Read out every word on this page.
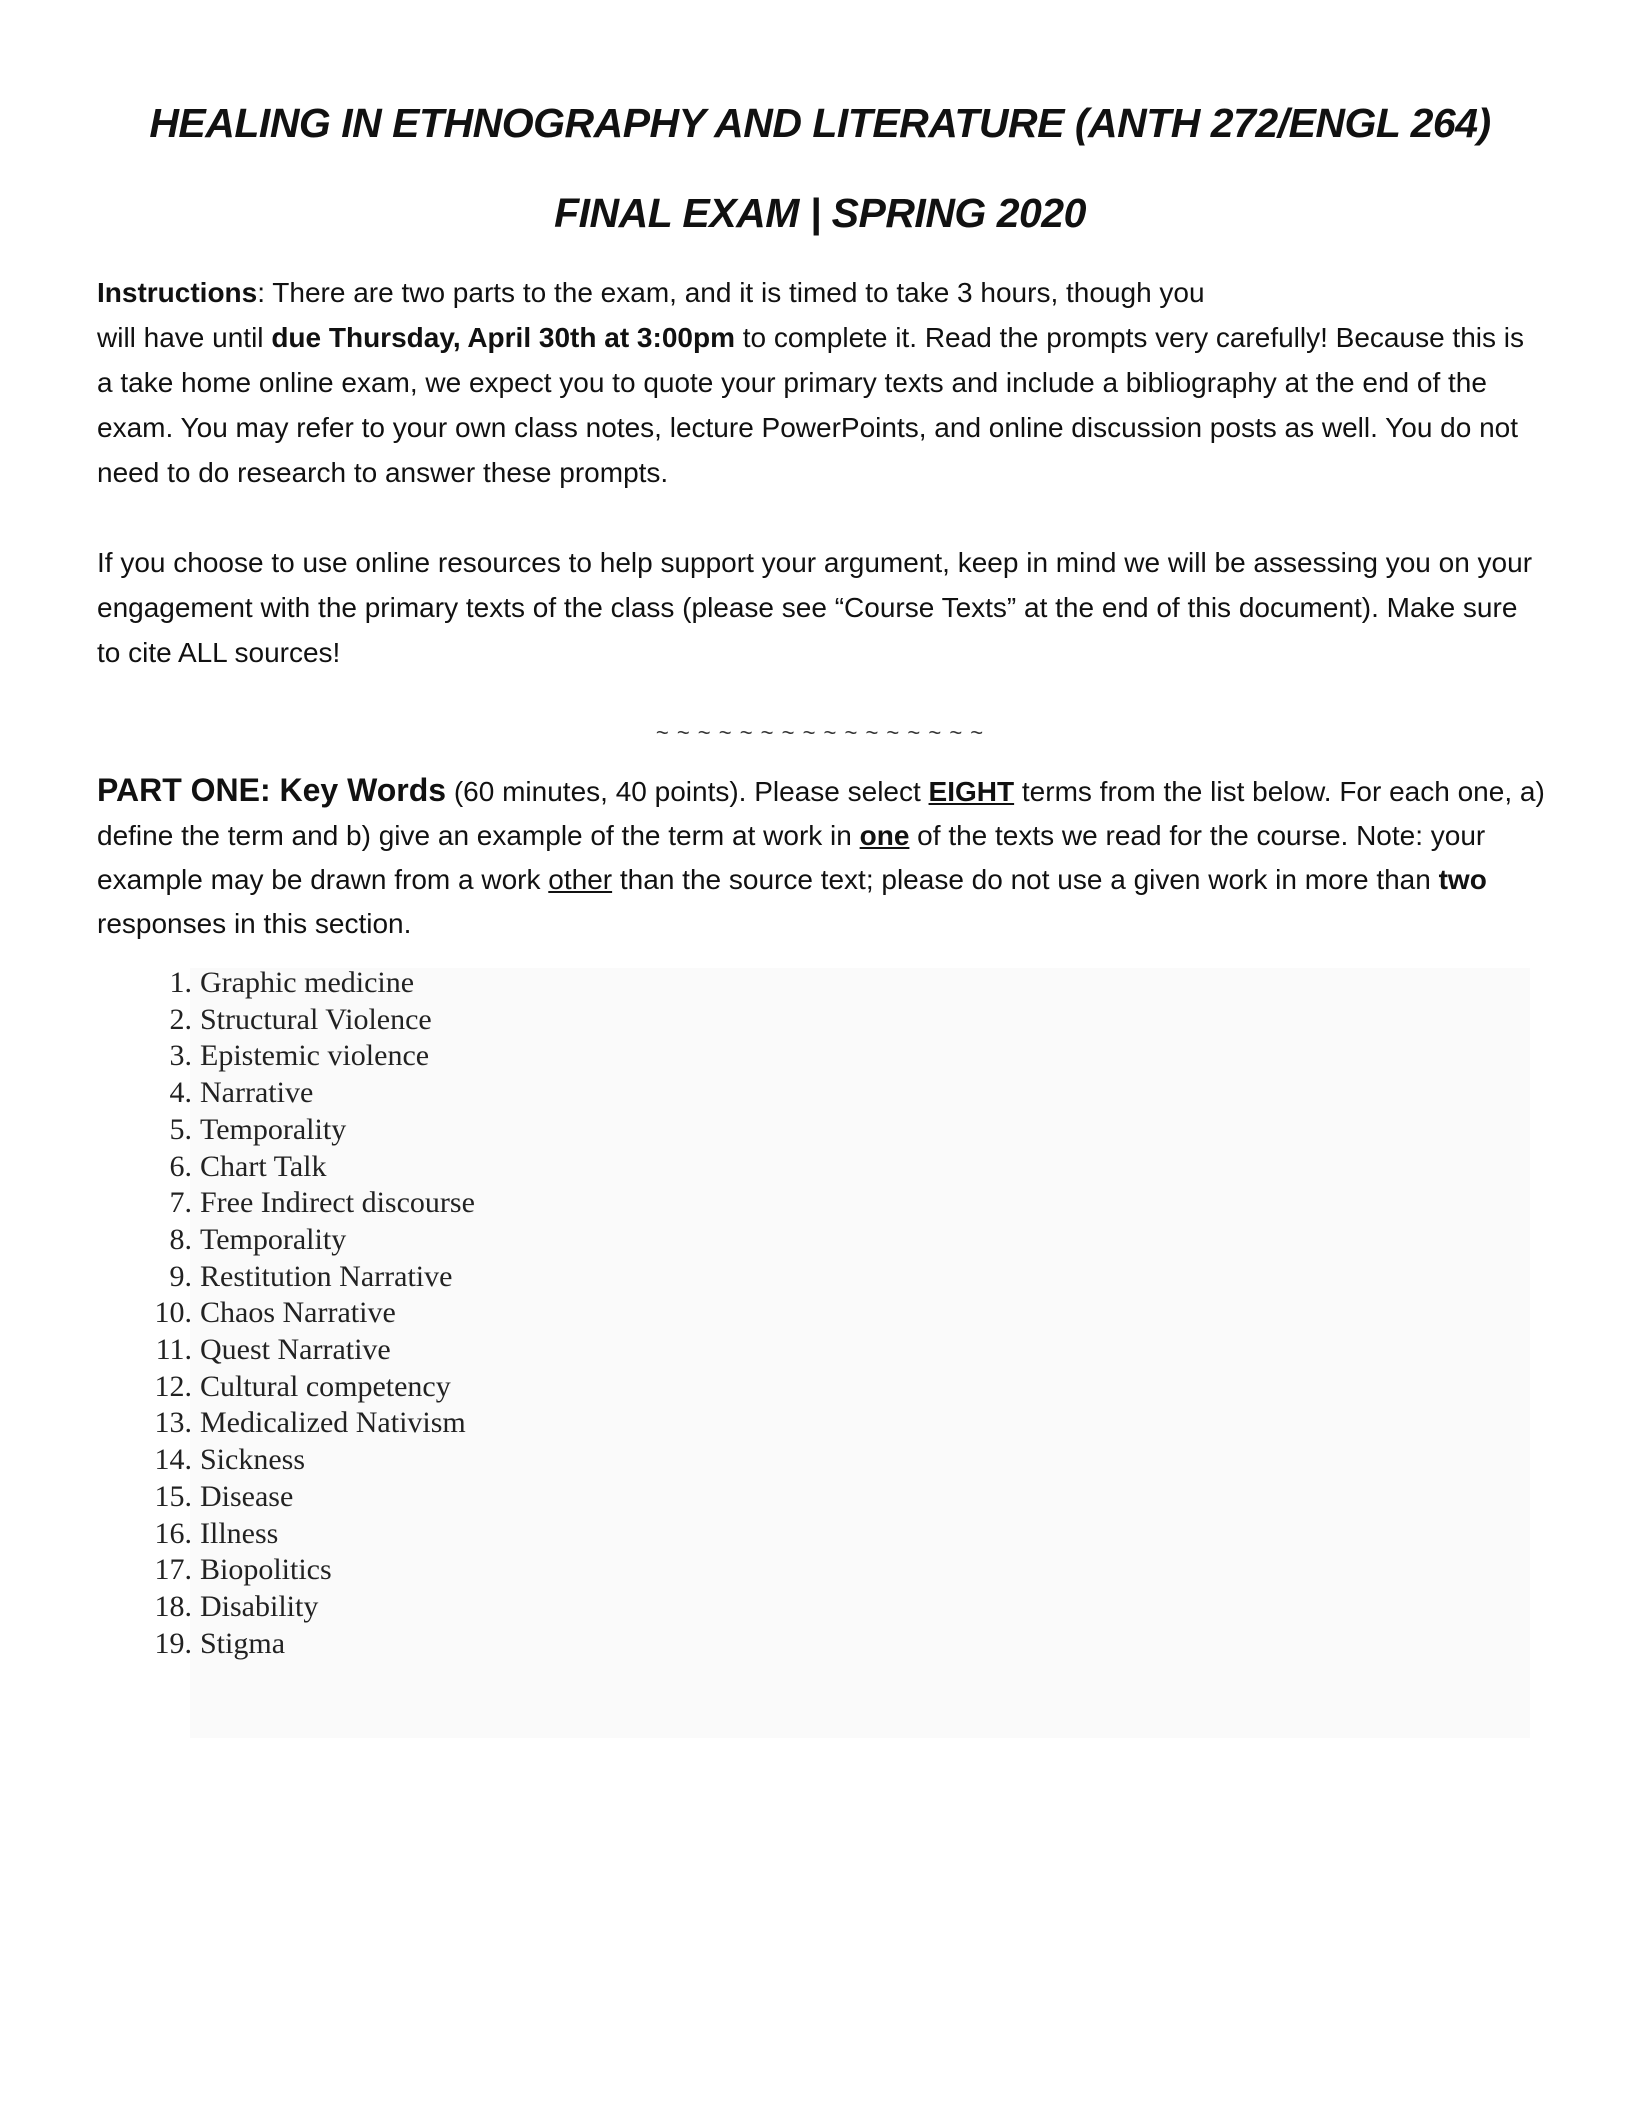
HEALING IN ETHNOGRAPHY AND LITERATURE (ANTH 272/ENGL 264)
FINAL EXAM | SPRING 2020

Instructions: There are two parts to the exam, and it is timed to take 3 hours, though you
will have until due Thursday, April 30th at 3:00pm to complete it. Read the prompts very carefully! Because this is a take home online exam, we expect you to quote your primary texts and include a bibliography at the end of the exam. You may refer to your own class notes, lecture PowerPoints, and online discussion posts as well. You do not need to do research to answer these prompts.

If you choose to use online resources to help support your argument, keep in mind we will be assessing you on your engagement with the primary texts of the class (please see “Course Texts” at the end of this document). Make sure to cite ALL sources!

~ ~ ~ ~ ~ ~ ~ ~ ~ ~ ~ ~ ~ ~ ~ ~

PART ONE: Key Words (60 minutes, 40 points). Please select EIGHT terms from the list below. For each one, a) define the term and b) give an example of the term at work in one of the texts we read for the course. Note: your example may be drawn from a work other than the source text; please do not use a given work in more than two responses in this section.

1. Graphic medicine
2. Structural Violence
3. Epistemic violence
4. Narrative
5. Temporality
6. Chart Talk
7. Free Indirect discourse
8. Temporality
9. Restitution Narrative
10. Chaos Narrative
11. Quest Narrative
12. Cultural competency
13. Medicalized Nativism
14. Sickness
15. Disease
16. Illness
17. Biopolitics
18. Disability
19. Stigma
